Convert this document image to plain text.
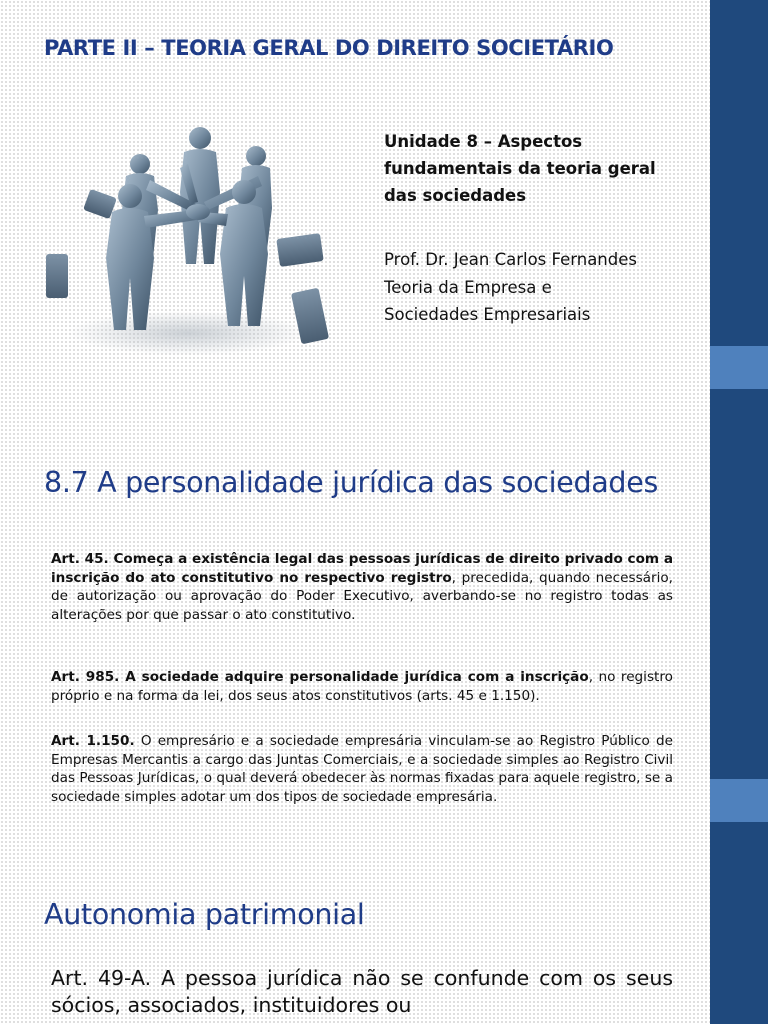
PARTE II – TEORIA GERAL DO DIREITO SOCIETÁRIO

Unidade 8 – Aspectos fundamentais da teoria geral das sociedades

Prof. Dr. Jean Carlos Fernandes
Teoria da Empresa e
Sociedades Empresariais
8.7 A personalidade jurídica das sociedades

Art. 45. Começa a existência legal das pessoas jurídicas de direito privado com a inscrição do ato constitutivo no respectivo registro, precedida, quando necessário, de autorização ou aprovação do Poder Executivo, averbando-se no registro todas as alterações por que passar o ato constitutivo.

Art. 985. A sociedade adquire personalidade jurídica com a inscrição, no registro próprio e na forma da lei, dos seus atos constitutivos (arts. 45 e 1.150).

Art. 1.150. O empresário e a sociedade empresária vinculam-se ao Registro Público de Empresas Mercantis a cargo das Juntas Comerciais, e a sociedade simples ao Registro Civil das Pessoas Jurídicas, o qual deverá obedecer às normas fixadas para aquele registro, se a sociedade simples adotar um dos tipos de sociedade empresária.

Autonomia patrimonial

Art. 49-A. A pessoa jurídica não se confunde com os seus sócios, associados, instituidores ou
